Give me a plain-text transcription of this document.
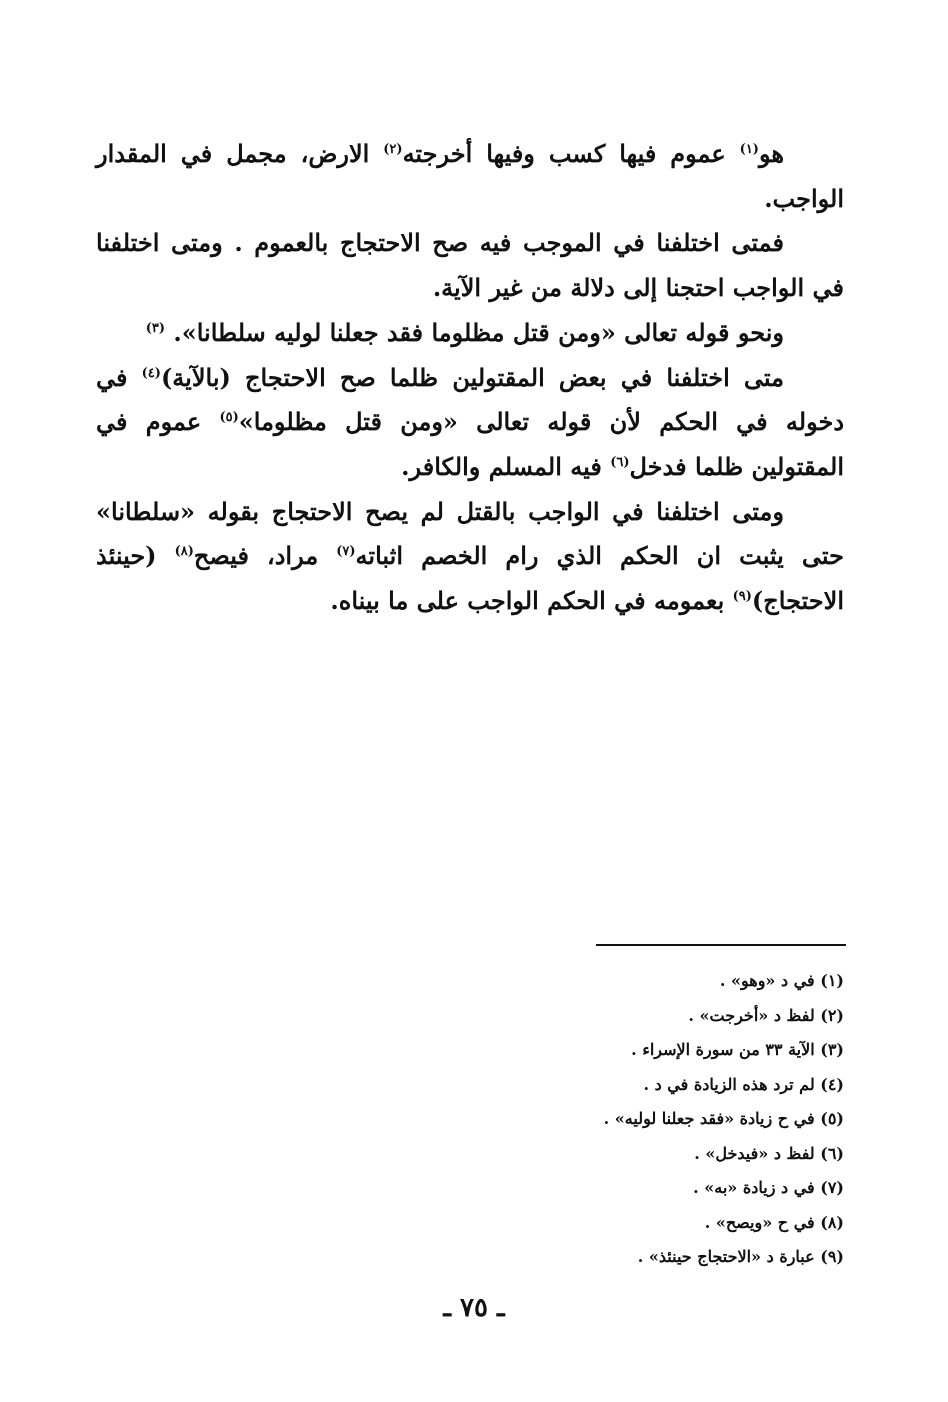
هو$^{(١)}$ عموم فيها كسب وفيها أخرجته$^{(٢)}$ الارض، مجمل في المقدار الواجب.

فمتى اختلفنا في الموجب فيه صح الاحتجاج بالعموم . ومتى اختلفنا في الواجب احتجنا إلى دلالة من غير الآية.

ونحو قوله تعالى «ومن قتل مظلوما فقد جعلنا لوليه سلطانا». $^{(٣)}$

متى اختلفنا في بعض المقتولين ظلما صح الاحتجاج (بالآية)$^{(٤)}$ في دخوله في الحكم لأن قوله تعالى «ومن قتل مظلوما»$^{(٥)}$ عموم في المقتولين ظلما فدخل$^{(٦)}$ فيه المسلم والكافر.

ومتى اختلفنا في الواجب بالقتل لم يصح الاحتجاج بقوله «سلطانا» حتى يثبت ان الحكم الذي رام الخصم اثباته$^{(٧)}$ مراد، فيصح$^{(٨)}$ (حينئذ الاحتجاج)$^{(٩)}$ بعمومه في الحكم الواجب على ما بيناه.

(١) في د «وهو» .
(٢) لفظ د «أخرجت» .
(٣) الآية ٣٣ من سورة الإسراء .
(٤) لم ترد هذه الزيادة في د .
(٥) في ح زيادة «فقد جعلنا لوليه» .
(٦) لفظ د «فيدخل» .
(٧) في د زيادة «به» .
(٨) في ح «ويصح» .
(٩) عبارة د «الاحتجاج حينئذ» .
ـ ٧٥ ـ
